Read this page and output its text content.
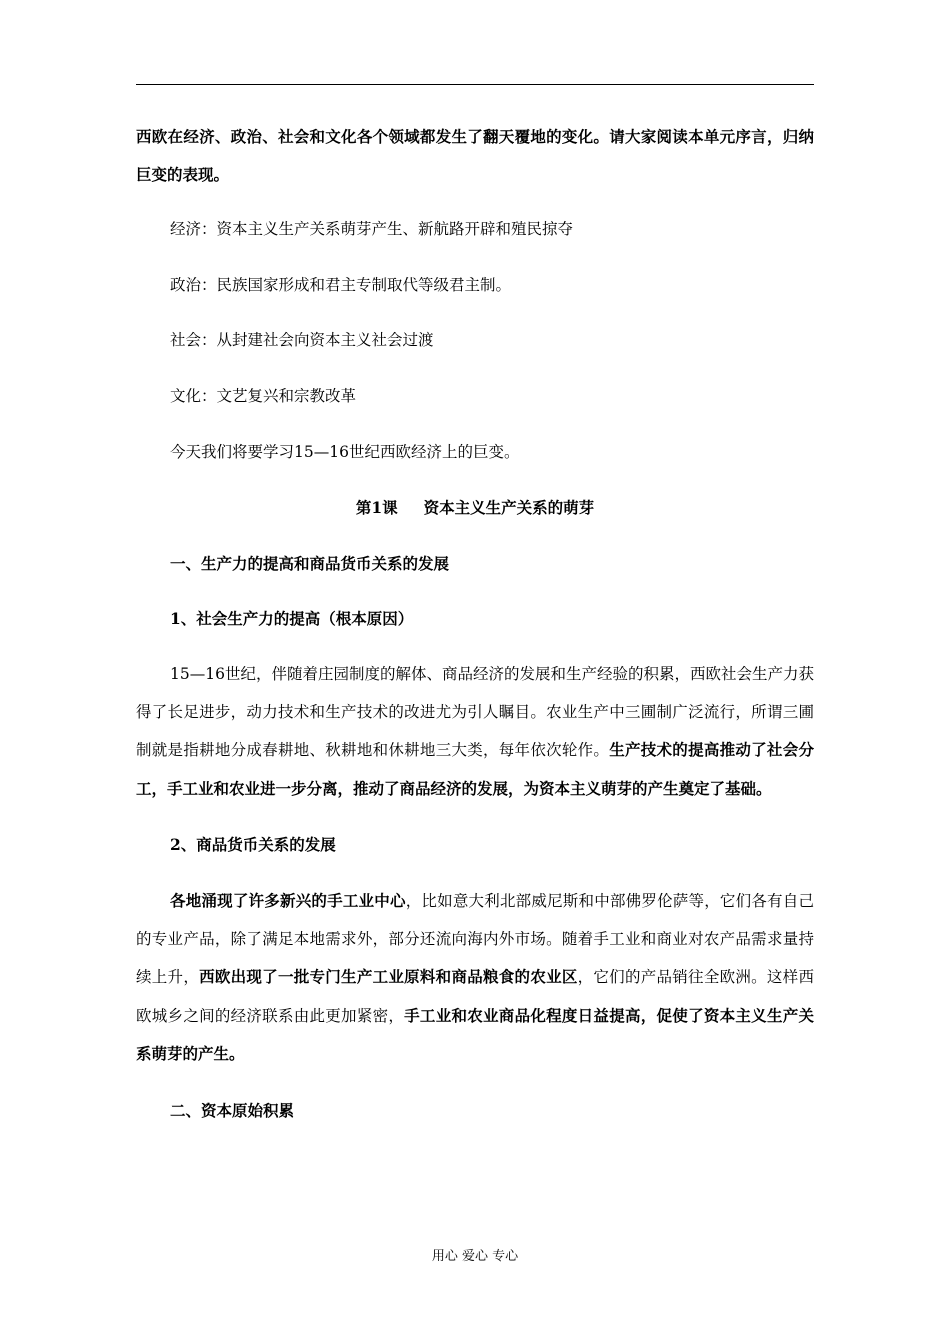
西欧在经济、政治、社会和文化各个领域都发生了翻天覆地的变化。请大家阅读本单元序言，归纳巨变的表现。

经济：资本主义生产关系萌芽产生、新航路开辟和殖民掠夺

政治：民族国家形成和君主专制取代等级君主制。

社会：从封建社会向资本主义社会过渡

文化：文艺复兴和宗教改革

今天我们将要学习15—16世纪西欧经济上的巨变。

第1课 资本主义生产关系的萌芽

一、生产力的提高和商品货币关系的发展

1、社会生产力的提高（根本原因）

15—16世纪，伴随着庄园制度的解体、商品经济的发展和生产经验的积累，西欧社会生产力获得了长足进步，动力技术和生产技术的改进尤为引人瞩目。农业生产中三圃制广泛流行，所谓三圃制就是指耕地分成春耕地、秋耕地和休耕地三大类，每年依次轮作。生产技术的提高推动了社会分工，手工业和农业进一步分离，推动了商品经济的发展，为资本主义萌芽的产生奠定了基础。

2、商品货币关系的发展

各地涌现了许多新兴的手工业中心，比如意大利北部威尼斯和中部佛罗伦萨等，它们各有自己的专业产品，除了满足本地需求外，部分还流向海内外市场。随着手工业和商业对农产品需求量持续上升，西欧出现了一批专门生产工业原料和商品粮食的农业区，它们的产品销往全欧洲。这样西欧城乡之间的经济联系由此更加紧密，手工业和农业商品化程度日益提高，促使了资本主义生产关系萌芽的产生。

二、资本原始积累

用心 爱心 专心
